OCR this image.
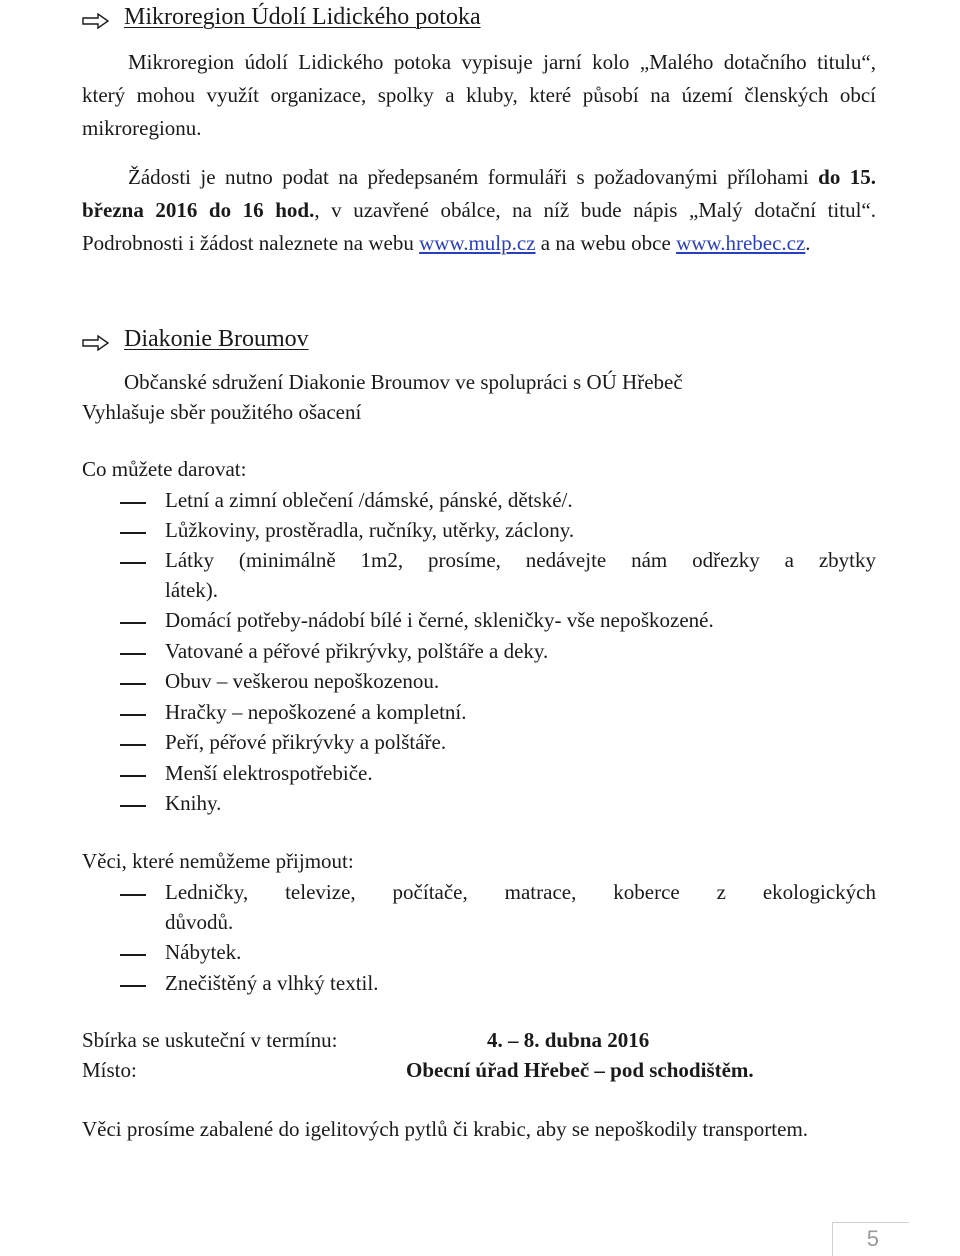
Mikroregion Údolí Lidického potoka
Mikroregion údolí Lidického potoka vypisuje jarní kolo „Malého dotačního titulu“, který mohou využít organizace, spolky a kluby, které působí na území členských obcí mikroregionu.
Žádosti je nutno podat na předepsaném formuláři s požadovanými přílohami do 15. března 2016 do 16 hod., v uzavřené obálce, na níž bude nápis „Malý dotační titul“. Podrobnosti i žádost naleznete na webu www.mulp.cz a na webu obce www.hrebec.cz.
Diakonie Broumov
Občanské sdružení Diakonie Broumov ve spolupráci s OÚ Hřebeč
Vyhlašuje sběr použitého ošacení
Co můžete darovat:
Letní a zimní oblečení /dámské, pánské, dětské/.
Lůžkoviny, prostěradla, ručníky, utěrky, záclony.
Látky (minimálně 1m2, prosíme, nedávejte nám odřezky a zbytky
látek).
Domácí potřeby-nádobí bílé i černé, skleničky- vše nepoškozené.
Vatované a péřové přikrývky, polštáře a deky.
Obuv – veškerou nepoškozenou.
Hračky – nepoškozené a kompletní.
Peří, péřové přikrývky a polštáře.
Menší elektrospotřebiče.
Knihy.
Věci, které nemůžeme přijmout:
Ledničky, televize, počítače, matrace, koberce z ekologických
důvodů.
Nábytek.
Znečištěný a vlhký textil.
Sbírka se uskuteční v termínu:	4. – 8. dubna 2016
Místo:	Obecní úřad Hřebeč – pod schodištěm.
Věci prosíme zabalené do igelitových pytlů či krabic, aby se nepoškodily transportem.
5
